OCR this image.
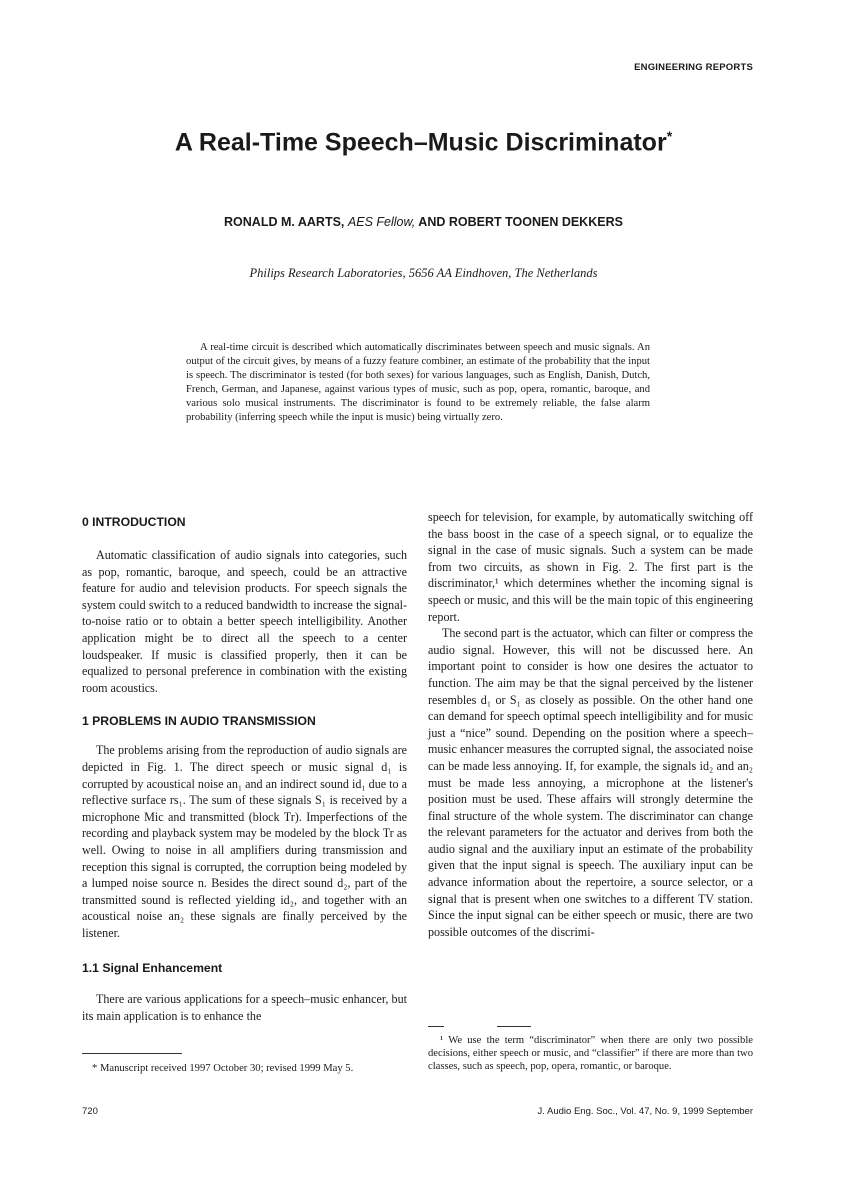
ENGINEERING REPORTS
A Real-Time Speech–Music Discriminator*
RONALD M. AARTS, AES Fellow, AND ROBERT TOONEN DEKKERS
Philips Research Laboratories, 5656 AA Eindhoven, The Netherlands

A real-time circuit is described which automatically discriminates between speech and music signals. An output of the circuit gives, by means of a fuzzy feature combiner, an estimate of the probability that the input is speech. The discriminator is tested (for both sexes) for various languages, such as English, Danish, Dutch, French, German, and Japanese, against various types of music, such as pop, opera, romantic, baroque, and various solo musical instruments. The discriminator is found to be extremely reliable, the false alarm probability (inferring speech while the input is music) being virtually zero.

0 INTRODUCTION

Automatic classification of audio signals into categories, such as pop, romantic, baroque, and speech, could be an attractive feature for audio and television products. For speech signals the system could switch to a reduced bandwidth to increase the signal-to-noise ratio or to obtain a better speech intelligibility. Another application might be to direct all the speech to a center loudspeaker. If music is classified properly, then it can be equalized to personal preference in combination with the existing room acoustics.

1 PROBLEMS IN AUDIO TRANSMISSION

The problems arising from the reproduction of audio signals are depicted in Fig. 1. The direct speech or music signal d₁ is corrupted by acoustical noise an₁ and an indirect sound id₁ due to a reflective surface rs₁. The sum of these signals S₁ is received by a microphone Mic and transmitted (block Tr). Imperfections of the recording and playback system may be modeled by the block Tr as well. Owing to noise in all amplifiers during transmission and reception this signal is corrupted, the corruption being modeled by a lumped noise source n. Besides the direct sound d₂, part of the transmitted sound is reflected yielding id₂, and together with an acoustical noise an₂ these signals are finally perceived by the listener.

1.1 Signal Enhancement

There are various applications for a speech–music enhancer, but its main application is to enhance the

speech for television, for example, by automatically switching off the bass boost in the case of a speech signal, or to equalize the signal in the case of music signals. Such a system can be made from two circuits, as shown in Fig. 2. The first part is the discriminator,¹ which determines whether the incoming signal is speech or music, and this will be the main topic of this engineering report.

The second part is the actuator, which can filter or compress the audio signal. However, this will not be discussed here. An important point to consider is how one desires the actuator to function. The aim may be that the signal perceived by the listener resembles d₁ or S₁ as closely as possible. On the other hand one can demand for speech optimal speech intelligibility and for music just a “nice” sound. Depending on the position where a speech–music enhancer measures the corrupted signal, the associated noise can be made less annoying. If, for example, the signals id₂ and an₂ must be made less annoying, a microphone at the listener's position must be used. These affairs will strongly determine the final structure of the whole system. The discriminator can change the relevant parameters for the actuator and derives from both the audio signal and the auxiliary input an estimate of the probability given that the input signal is speech. The auxiliary input can be advance information about the repertoire, a source selector, or a signal that is present when one switches to a different TV station. Since the input signal can be either speech or music, there are two possible outcomes of the discrimi-

* Manuscript received 1997 October 30; revised 1999 May 5.
¹ We use the term “discriminator” when there are only two possible decisions, either speech or music, and “classifier” if there are more than two classes, such as speech, pop, opera, romantic, or baroque.
720	J. Audio Eng. Soc., Vol. 47, No. 9, 1999 September
